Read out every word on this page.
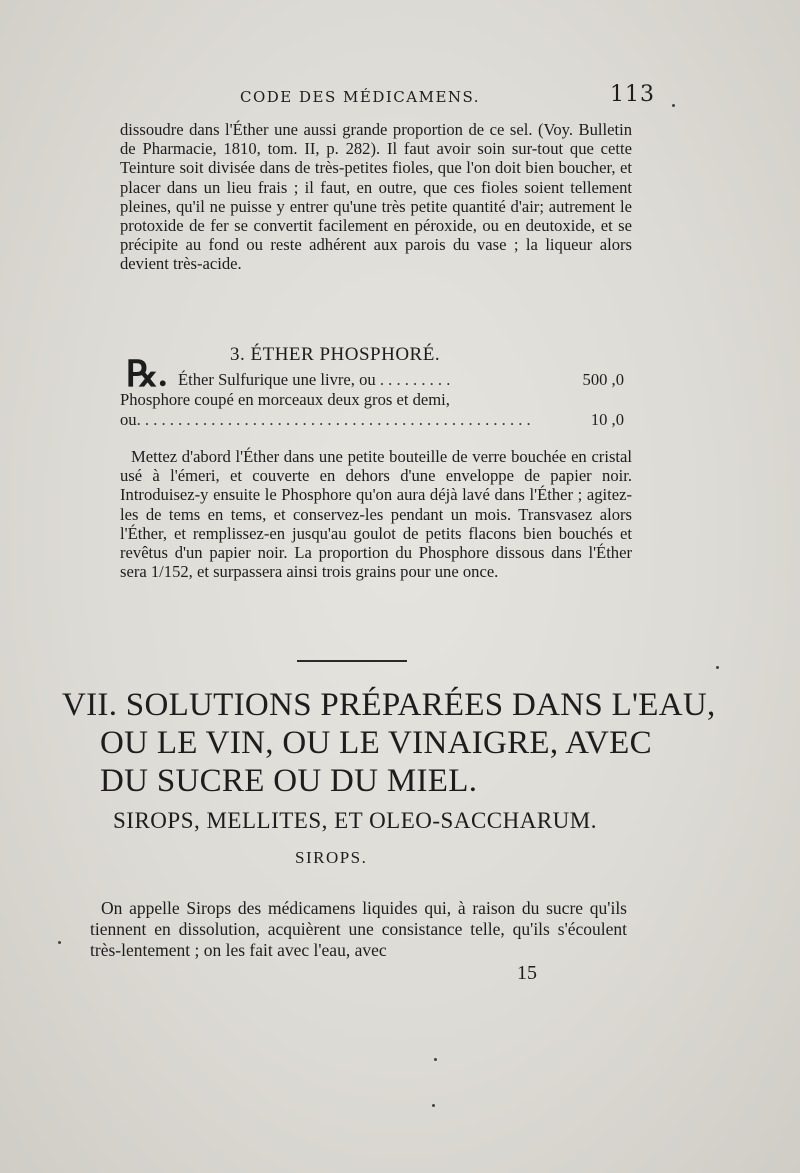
CODE DES MÉDICAMENS.	113

dissoudre dans l'Éther une aussi grande proportion de ce sel. (Voy. Bulletin de Pharmacie, 1810, tom. II, p. 282). Il faut avoir soin sur-tout que cette Teinture soit divisée dans de très-petites fioles, que l'on doit bien boucher, et placer dans un lieu frais ; il faut, en outre, que ces fioles soient tellement pleines, qu'il ne puisse y entrer qu'une très petite quantité d'air; autrement le protoxide de fer se convertit facilement en péroxide, ou en deutoxide, et se précipite au fond ou reste adhérent aux parois du vase ; la liqueur alors devient très-acide.

3. ÉTHER PHOSPHORÉ.
℞. Éther Sulfurique une livre, ou . . . . . . . . .	500 ,0
Phosphore coupé en morceaux deux gros et demi,
ou. . . . . . . . . . . . . . . . . . . . . . . . . . . . . . . . . . . . . . . . . . . . . . . .	10 ,0

Mettez d'abord l'Éther dans une petite bouteille de verre bouchée en cristal usé à l'émeri, et couverte en dehors d'une enveloppe de papier noir. Introduisez-y ensuite le Phosphore qu'on aura déjà lavé dans l'Éther ; agitez-les de tems en tems, et conservez-les pendant un mois. Transvasez alors l'Éther, et remplissez-en jusqu'au goulot de petits flacons bien bouchés et revêtus d'un papier noir. La proportion du Phosphore dissous dans l'Éther sera 1/152, et surpassera ainsi trois grains pour une once.

VII. SOLUTIONS PRÉPARÉES DANS L'EAU,
OU LE VIN, OU LE VINAIGRE, AVEC
DU SUCRE OU DU MIEL.
SIROPS, MELLITES, ET OLEO-SACCHARUM.
SIROPS.

On appelle Sirops des médicamens liquides qui, à raison du sucre qu'ils tiennent en dissolution, acquièrent une consistance telle, qu'ils s'écoulent très-lentement ; on les fait avec l'eau, avec

15
